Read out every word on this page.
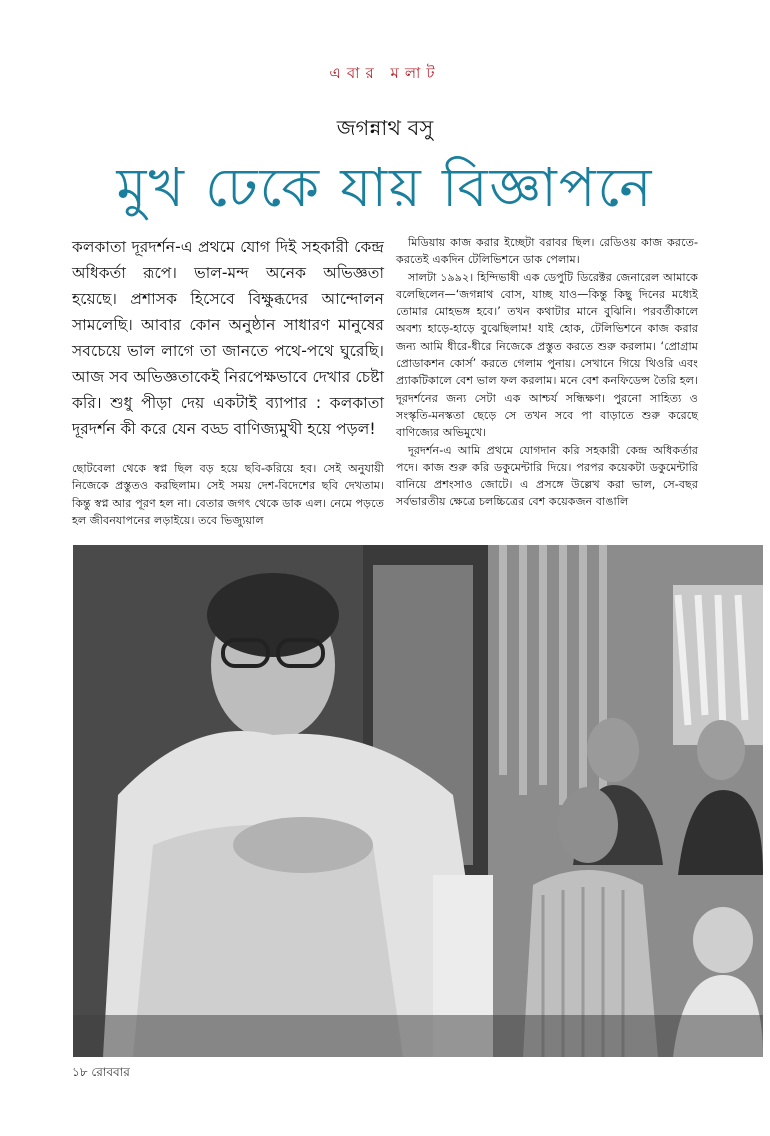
এবার মলাট
জগন্নাথ বসু
মুখ ঢেকে যায় বিজ্ঞাপনে

কলকাতা দূরদর্শন-এ প্রথমে যোগ দিই সহকারী কেন্দ্র অধিকর্তা রূপে। ভাল-মন্দ অনেক অভিজ্ঞতা হয়েছে। প্রশাসক হিসেবে বিক্ষুব্ধদের আন্দোলন সামলেছি। আবার কোন অনুষ্ঠান সাধারণ মানুষের সবচেয়ে ভাল লাগে তা জানতে পথে-পথে ঘুরেছি। আজ সব অভিজ্ঞতাকেই নিরপেক্ষভাবে দেখার চেষ্টা করি। শুধু পীড়া দেয় একটাই ব্যাপার : কলকাতা দূরদর্শন কী করে যেন বড্ড বাণিজ্যমুখী হয়ে পড়ল!

ছোটবেলা থেকে স্বপ্ন ছিল বড় হয়ে ছবি-করিয়ে হব। সেই অনুযায়ী নিজেকে প্রস্তুতও করছিলাম। সেই সময় দেশ-বিদেশের ছবি দেখতাম। কিন্তু স্বপ্ন আর পূরণ হল না। বেতার জগৎ থেকে ডাক এল। নেমে পড়তে হল জীবনযাপনের লড়াইয়ে। তবে ভিজ্যুয়াল

মিডিয়ায় কাজ করার ইচ্ছেটা বরাবর ছিল। রেডিওয় কাজ করতে-করতেই একদিন টেলিভিশনে ডাক পেলাম।

সালটা ১৯৯২। হিন্দিভাষী এক ডেপুটি ডিরেক্টর জেনারেল আমাকে বলেছিলেন—‘জগন্নাথ বোস, যাচ্ছ যাও—কিন্তু কিছু দিনের মধ্যেই তোমার মোহভঙ্গ হবে।’ তখন কথাটার মানে বুঝিনি। পরবর্তীকালে অবশ্য হাড়ে-হাড়ে বুঝেছিলাম! যাই হোক, টেলিভিশনে কাজ করার জন্য আমি ধীরে-ধীরে নিজেকে প্রস্তুত করতে শুরু করলাম। ‘প্রোগ্রাম প্রোডাকশন কোর্স’ করতে গেলাম পুনায়। সেখানে গিয়ে থিওরি এবং প্র্যাকটিকালে বেশ ভাল ফল করলাম। মনে বেশ কনফিডেন্স তৈরি হল। দূরদর্শনের জন্য সেটা এক আশ্চর্য সন্ধিক্ষণ। পুরনো সাহিত্য ও সংস্কৃতি-মনস্কতা ছেড়ে সে তখন সবে পা বাড়াতে শুরু করেছে বাণিজ্যের অভিমুখে।

দূরদর্শন-এ আমি প্রথমে যোগদান করি সহকারী কেন্দ্র অধিকর্তার পদে। কাজ শুরু করি ডকুমেন্টারি দিয়ে। পরপর কয়েকটা ডকুমেন্টারি বানিয়ে প্রশংসাও জোটে। এ প্রসঙ্গে উল্লেখ করা ভাল, সে-বছর সর্বভারতীয় ক্ষেত্রে চলচ্চিত্রের বেশ কয়েকজন বাঙালি

১৮ রোববার
